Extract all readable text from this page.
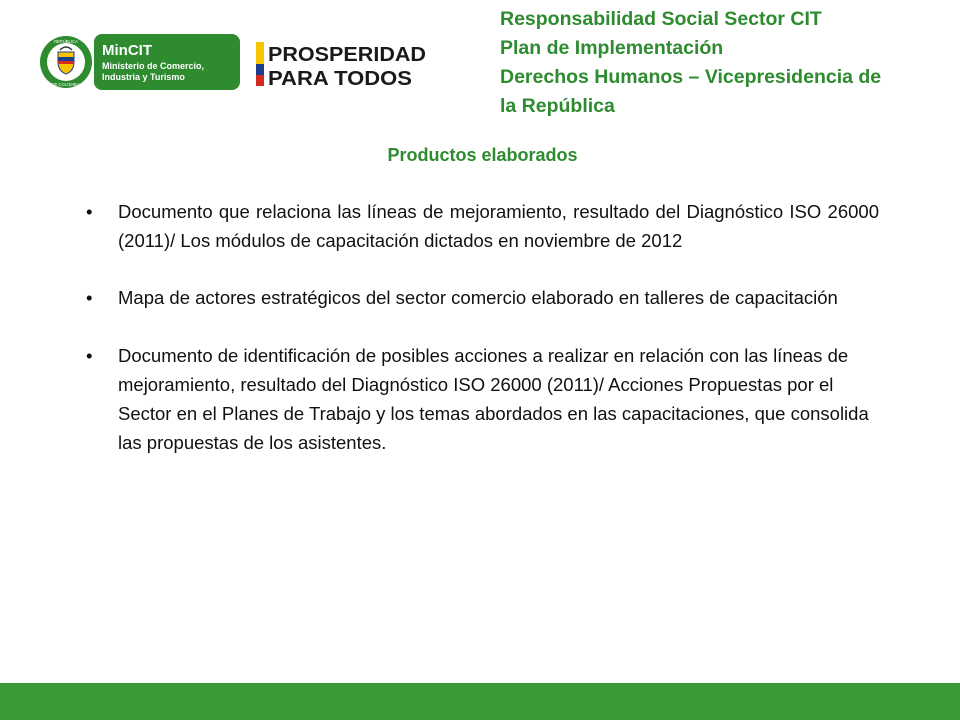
REPÚBLICA
DE COLOMBIA
MinCIT
Ministerio de Comercio,
Industria y Turismo
PROSPERIDAD
PARA TODOS
Responsabilidad Social Sector CIT
Plan de Implementación
Derechos Humanos – Vicepresidencia de
la República
Productos elaborados
• Documento que relaciona las líneas de mejoramiento, resultado del Diagnóstico ISO 26000 (2011)/ Los módulos de capacitación dictados en noviembre de 2012
• Mapa de actores estratégicos del sector comercio elaborado en talleres de capacitación
• Documento de identificación de posibles acciones a realizar en relación con las líneas de mejoramiento, resultado del Diagnóstico ISO 26000 (2011)/ Acciones Propuestas por el Sector en el Planes de Trabajo y los temas abordados en las capacitaciones, que consolida las propuestas de los asistentes.
